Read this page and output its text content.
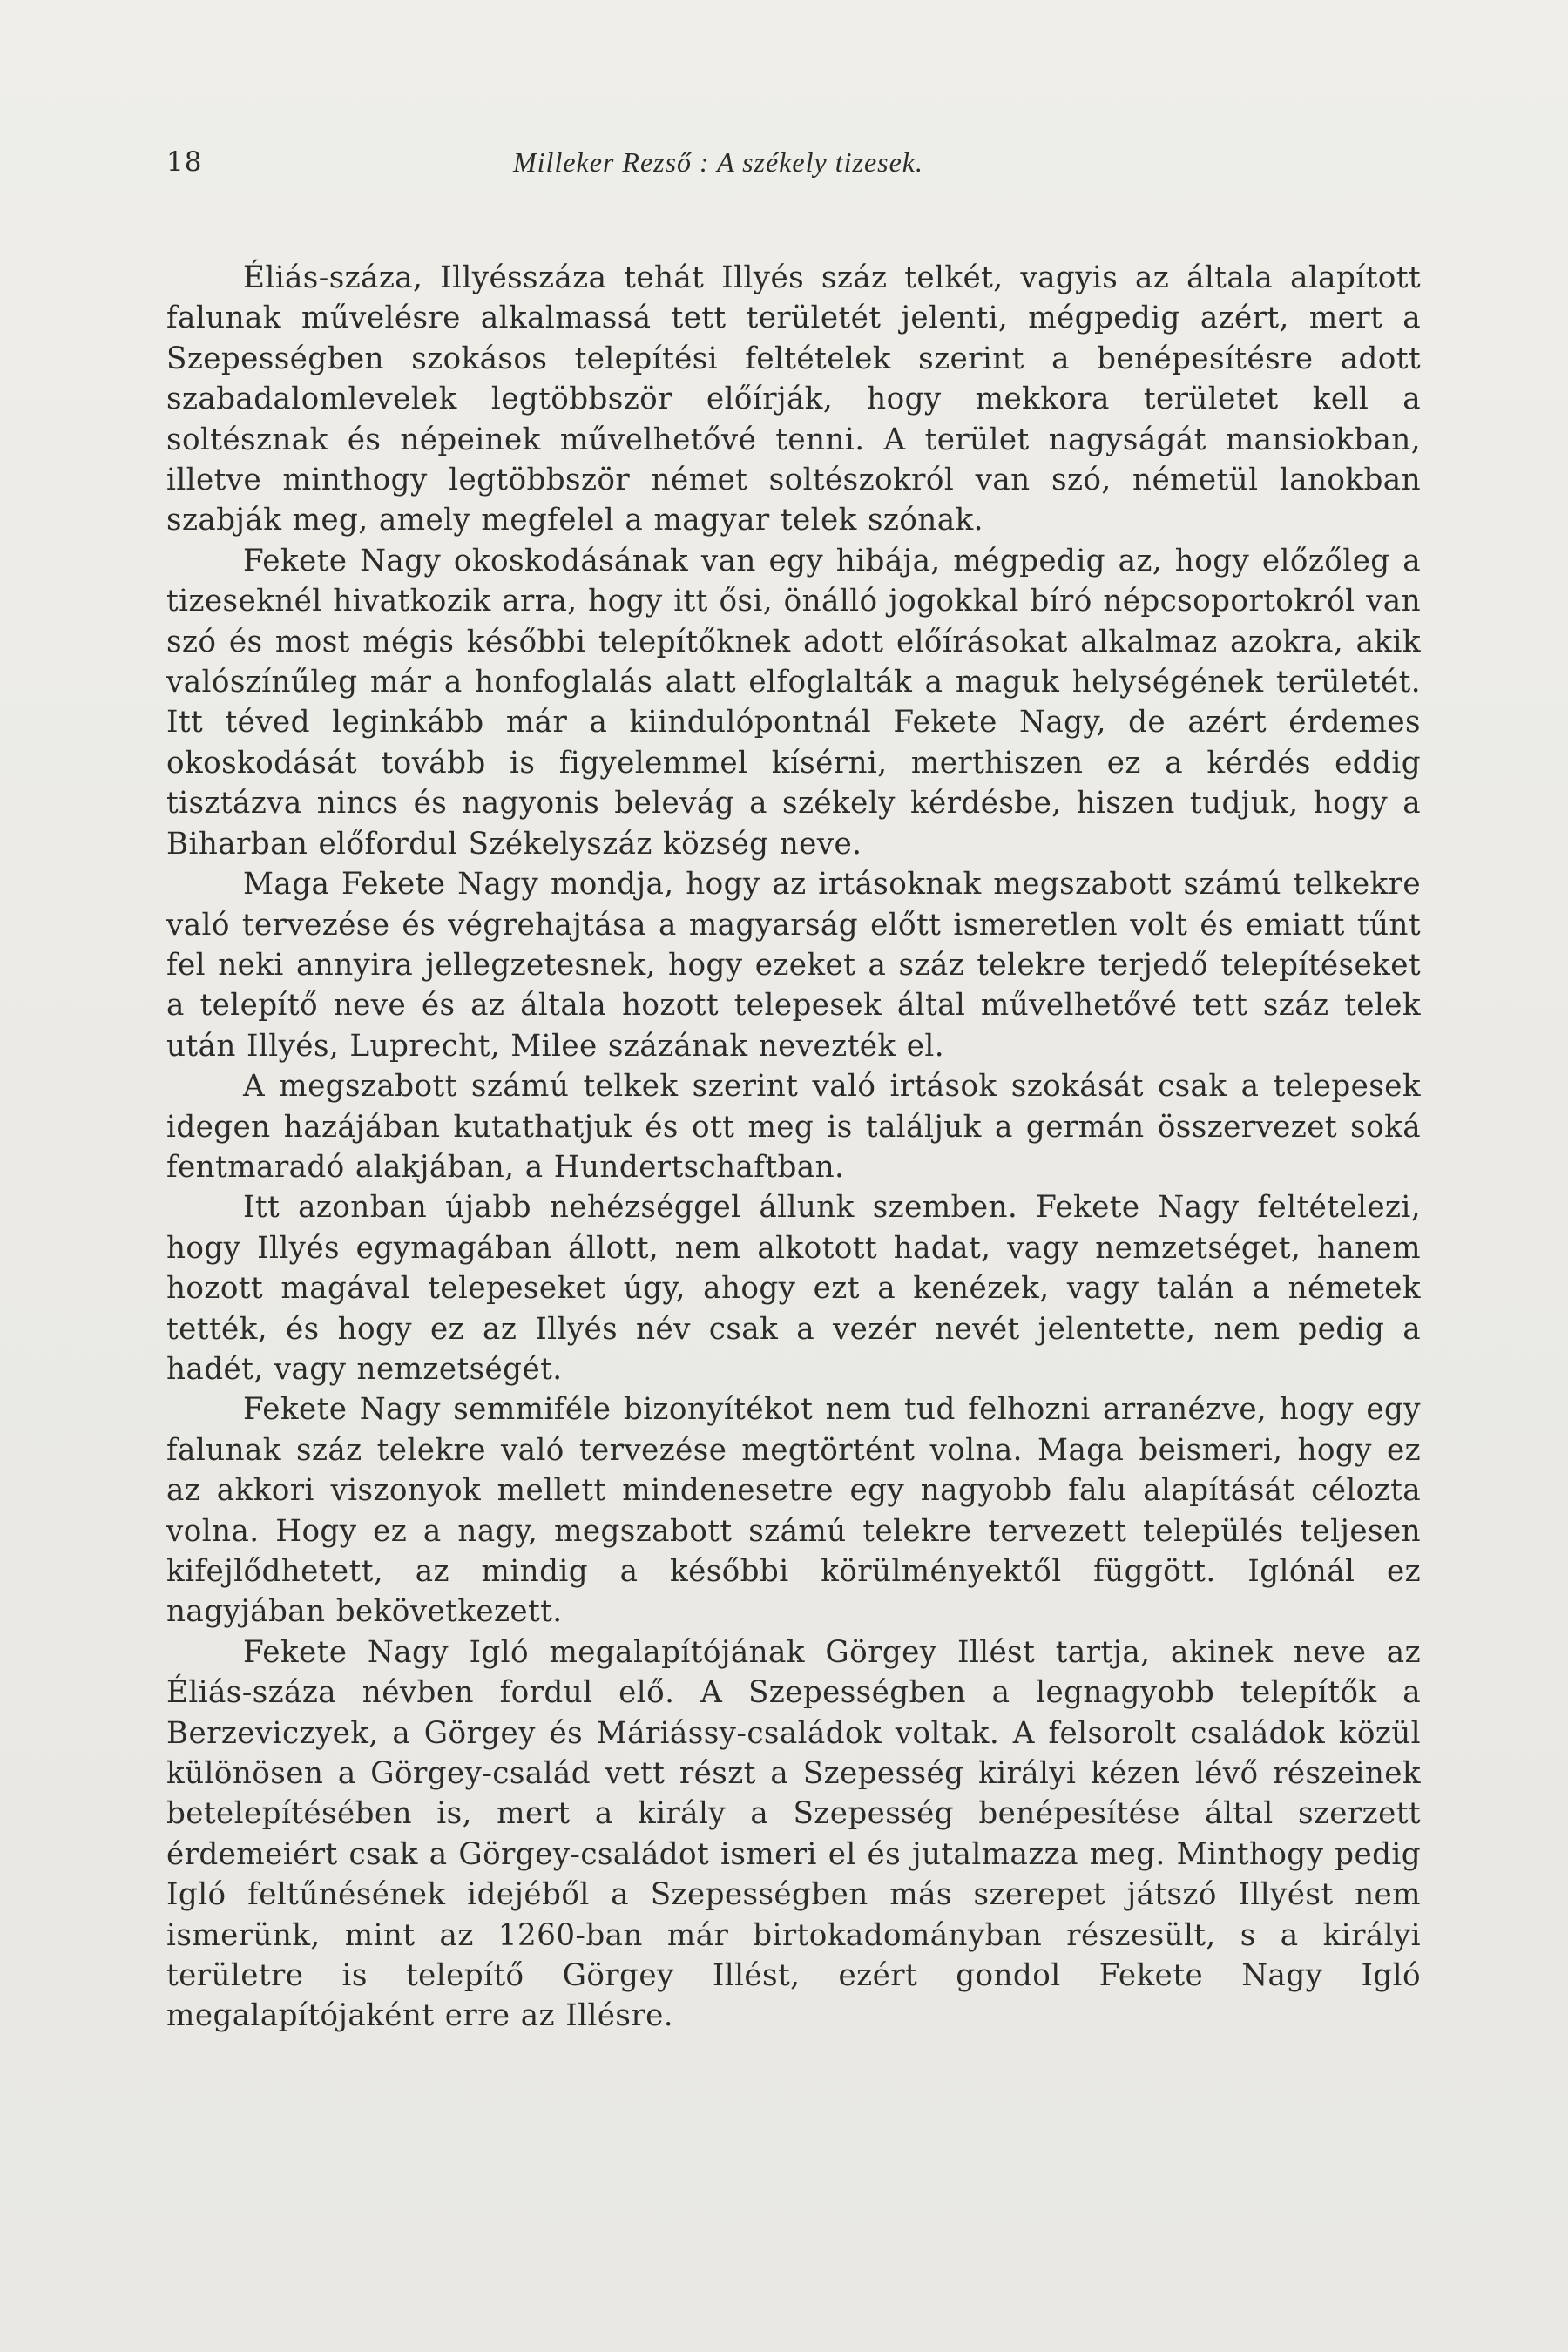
18	Milleker Rezső : A székely tizesek.

Éliás-száza, Illyésszáza tehát Illyés száz telkét, vagyis az általa alapított falunak művelésre alkalmassá tett területét jelenti, mégpedig azért, mert a Szepességben szokásos telepítési feltételek szerint a benépesítésre adott szabadalomlevelek legtöbbször előírják, hogy mekkora területet kell a soltésznak és népeinek művelhetővé tenni. A terület nagyságát mansiokban, illetve minthogy legtöbbször német soltészokról van szó, németül lanokban szabják meg, amely megfelel a magyar telek szónak.

Fekete Nagy okoskodásának van egy hibája, mégpedig az, hogy előzőleg a tizeseknél hivatkozik arra, hogy itt ősi, önálló jogokkal bíró népcsoportokról van szó és most mégis későbbi telepítőknek adott előírásokat alkalmaz azokra, akik valószínűleg már a honfoglalás alatt elfoglalták a maguk helységének területét. Itt téved leginkább már a kiindulópontnál Fekete Nagy, de azért érdemes okoskodását tovább is figyelemmel kísérni, merthiszen ez a kérdés eddig tisztázva nincs és nagyonis belevág a székely kérdésbe, hiszen tudjuk, hogy a Biharban előfordul Székelyszáz község neve.

Maga Fekete Nagy mondja, hogy az irtásoknak megszabott számú telkekre való tervezése és végrehajtása a magyarság előtt ismeretlen volt és emiatt tűnt fel neki annyira jellegzetesnek, hogy ezeket a száz telekre terjedő telepítéseket a telepítő neve és az általa hozott telepesek által művelhetővé tett száz telek után Illyés, Luprecht, Milee százának nevezték el.

A megszabott számú telkek szerint való irtások szokását csak a telepesek idegen hazájában kutathatjuk és ott meg is találjuk a germán összervezet soká fentmaradó alakjában, a Hundertschaftban.

Itt azonban újabb nehézséggel állunk szemben. Fekete Nagy feltételezi, hogy Illyés egymagában állott, nem alkotott hadat, vagy nemzetséget, hanem hozott magával telepeseket úgy, ahogy ezt a kenézek, vagy talán a németek tették, és hogy ez az Illyés név csak a vezér nevét jelentette, nem pedig a hadét, vagy nemzetségét.

Fekete Nagy semmiféle bizonyítékot nem tud felhozni arranézve, hogy egy falunak száz telekre való tervezése megtörtént volna. Maga beismeri, hogy ez az akkori viszonyok mellett mindenesetre egy nagyobb falu alapítását célozta volna. Hogy ez a nagy, megszabott számú telekre tervezett település teljesen kifejlődhetett, az mindig a későbbi körülményektől függött. Iglónál ez nagyjában bekövetkezett.

Fekete Nagy Igló megalapítójának Görgey Illést tartja, akinek neve az Éliás-száza névben fordul elő. A Szepességben a legnagyobb telepítők a Berzeviczyek, a Görgey és Máriássy-családok voltak. A felsorolt családok közül különösen a Görgey-család vett részt a Szepesség királyi kézen lévő részeinek betelepítésében is, mert a király a Szepesség benépesítése által szerzett érdemeiért csak a Görgey-családot ismeri el és jutalmazza meg. Minthogy pedig Igló feltűnésének idejéből a Szepességben más szerepet játszó Illyést nem ismerünk, mint az 1260-ban már birtokadományban részesült, s a királyi területre is telepítő Görgey Illést, ezért gondol Fekete Nagy Igló megalapítójaként erre az Illésre.
